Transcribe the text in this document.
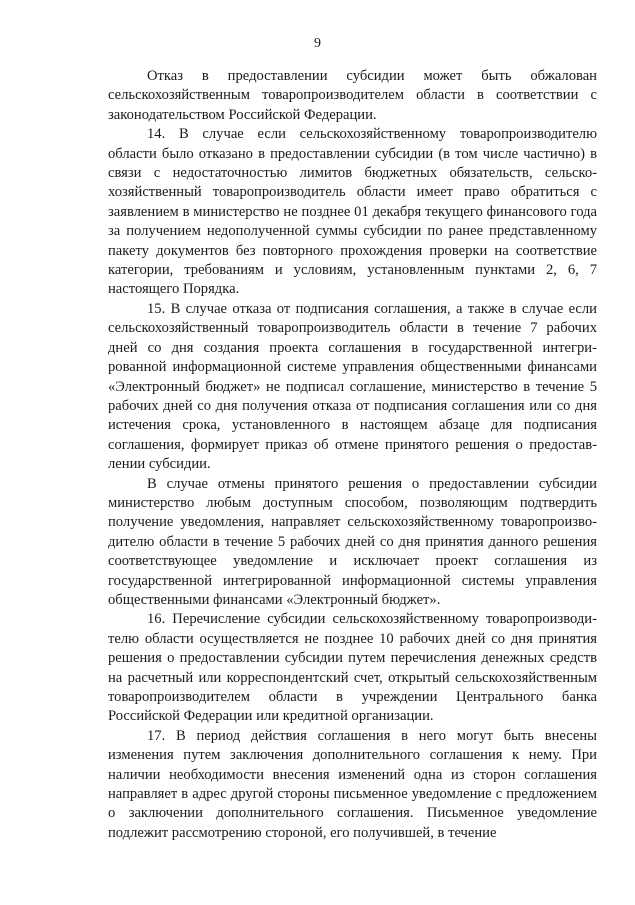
9

Отказ в предоставлении субсидии может быть обжалован сельскохозяйственным товаропроизводителем области в соответствии с законодательством Российской Федерации.

14. В случае если сельскохозяйственному товаропроизводителю области было отказано в предоставлении субсидии (в том числе частично) в связи с недостаточностью лимитов бюджетных обязательств, сельскохозяйственный товаропроизводитель области имеет право обратиться с заявлением в министерство не позднее 01 декабря текущего финансового года за получением недополученной суммы субсидии по ранее представленному пакету документов без повторного прохождения проверки на соответствие категории, требованиям и условиям, установленным пунктами 2, 6, 7 настоящего Порядка.

15. В случае отказа от подписания соглашения, а также в случае если сельскохозяйственный товаропроизводитель области в течение 7 рабочих дней со дня создания проекта соглашения в государственной интегрированной информационной системе управления общественными финансами «Электронный бюджет» не подписал соглашение, министерство в течение 5 рабочих дней со дня получения отказа от подписания соглашения или со дня истечения срока, установленного в настоящем абзаце для подписания соглашения, формирует приказ об отмене принятого решения о предоставлении субсидии.

В случае отмены принятого решения о предоставлении субсидии министерство любым доступным способом, позволяющим подтвердить получение уведомления, направляет сельскохозяйственному товаропроизводителю области в течение 5 рабочих дней со дня принятия данного решения соответствующее уведомление и исключает проект соглашения из государственной интегрированной информационной системы управления общественными финансами «Электронный бюджет».

16. Перечисление субсидии сельскохозяйственному товаропроизводителю области осуществляется не позднее 10 рабочих дней со дня принятия решения о предоставлении субсидии путем перечисления денежных средств на расчетный или корреспондентский счет, открытый сельскохозяйственным товаропроизводителем области в учреждении Центрального банка Российской Федерации или кредитной организации.

17. В период действия соглашения в него могут быть внесены изменения путем заключения дополнительного соглашения к нему. При наличии необходимости внесения изменений одна из сторон соглашения направляет в адрес другой стороны письменное уведомление с предложением о заключении дополнительного соглашения. Письменное уведомление подлежит рассмотрению стороной, его получившей, в течение
